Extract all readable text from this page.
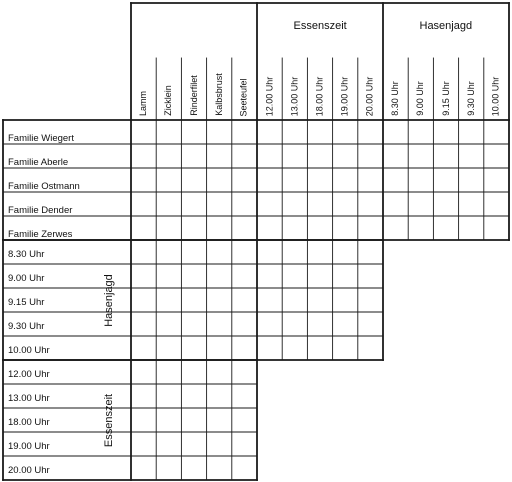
Familie Wiegert
Familie Aberle
Familie Ostmann
Familie Dender
Familie Zerwes
8.30 Uhr
9.00 Uhr
9.15 Uhr
9.30 Uhr
10.00 Uhr
Hasenjagd
12.00 Uhr
13.00 Uhr
18.00 Uhr
19.00 Uhr
20.00 Uhr
Essenszeit
Lamm Zicklein Rinderfilet Kalbsbrust Seeteufel
Essenszeit
12.00 Uhr 13.00 Uhr 18.00 Uhr 19.00 Uhr 20.00 Uhr
Hasenjagd
8.30 Uhr 9.00 Uhr 9.15 Uhr 9.30 Uhr 10.00 Uhr
